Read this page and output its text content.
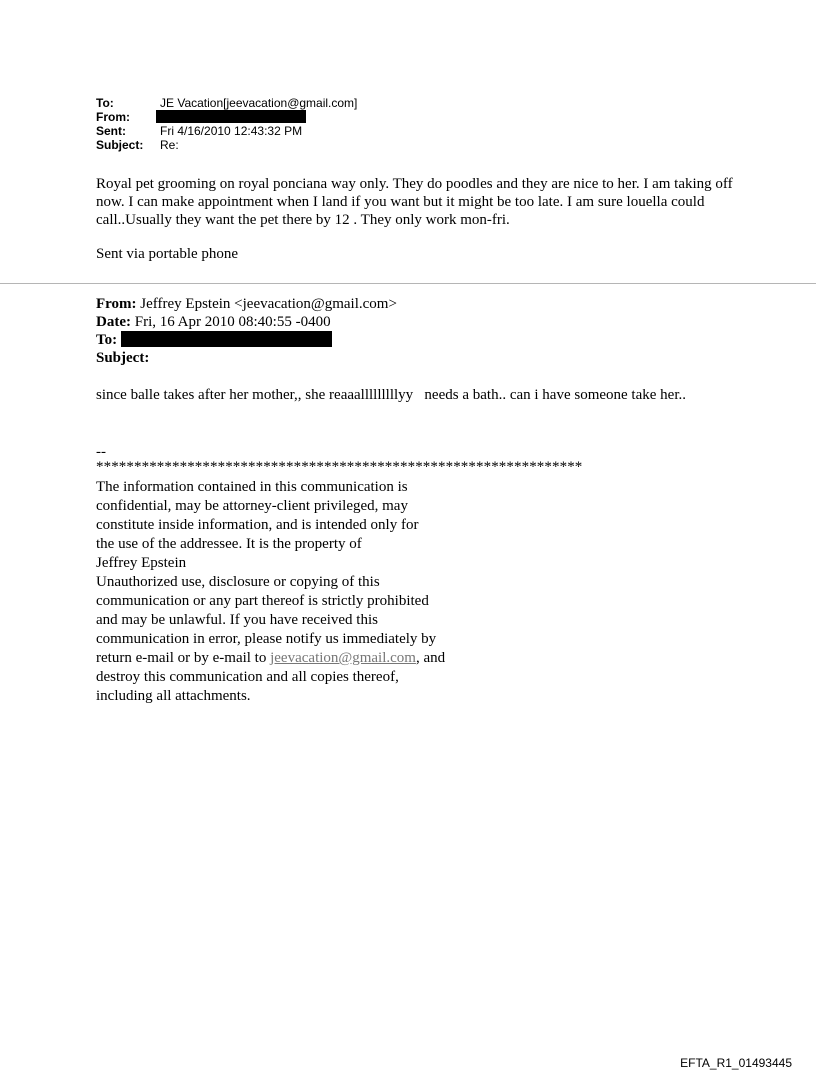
To:	JE Vacation[jeevacation@gmail.com]
From:
Sent:	Fri 4/16/2010 12:43:32 PM
Subject:	Re:
Royal pet grooming on royal ponciana way only. They do poodles and they are nice to her. I am taking off now. I can make appointment when I land if you want but it might be too late. I am sure louella could call..Usually they want the pet there by 12 . They only work mon-fri.
Sent via portable phone
From: Jeffrey Epstein <jeevacation@gmail.com>
Date: Fri, 16 Apr 2010 08:40:55 -0400
To:
Subject:
since balle takes after her mother,, she reaaalllllllllyy   needs a bath.. can i have someone take her..
--
****************************************************************
The information contained in this communication is
confidential, may be attorney-client privileged, may
constitute inside information, and is intended only for
the use of the addressee. It is the property of
Jeffrey Epstein
Unauthorized use, disclosure or copying of this
communication or any part thereof is strictly prohibited
and may be unlawful. If you have received this
communication in error, please notify us immediately by
return e-mail or by e-mail to jeevacation@gmail.com, and
destroy this communication and all copies thereof,
including all attachments.
EFTA_R1_01493445
